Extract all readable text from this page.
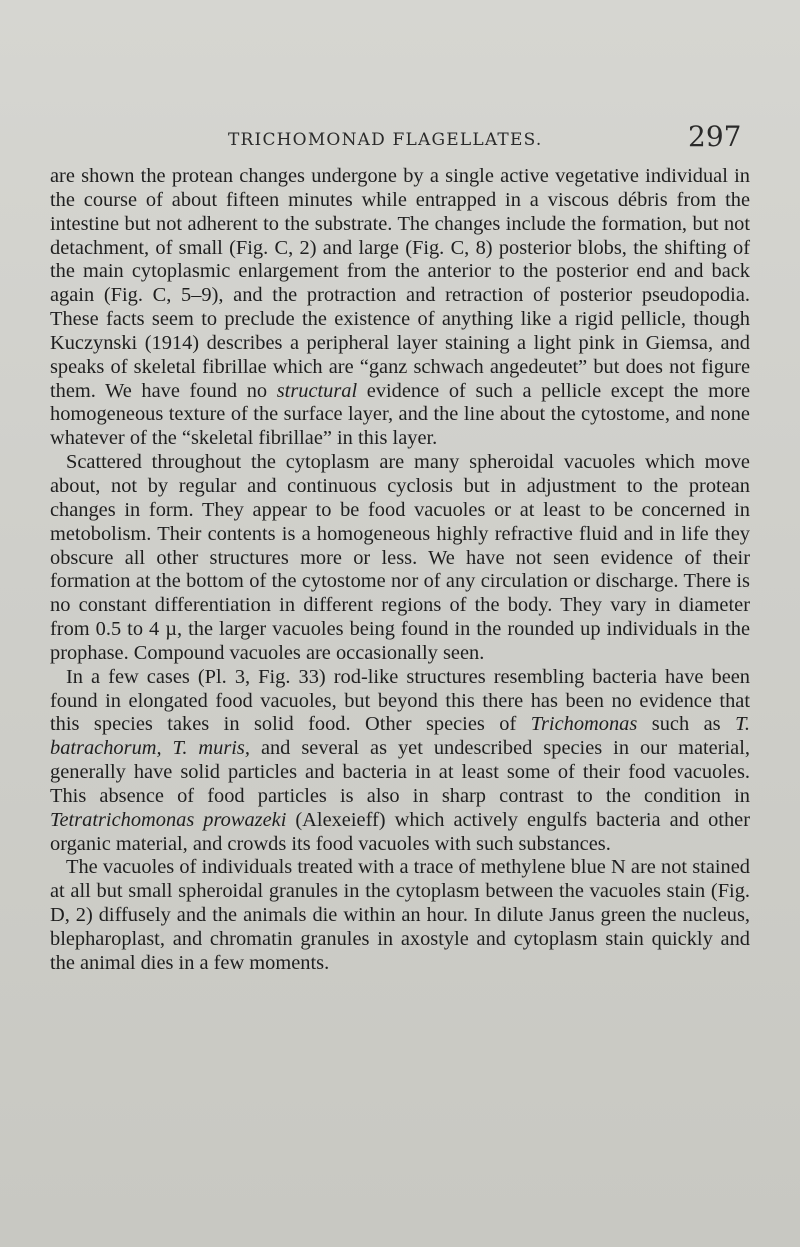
TRICHOMONAD FLAGELLATES.	297

are shown the protean changes undergone by a single active vegetative individual in the course of about fifteen minutes while entrapped in a viscous débris from the intestine but not adherent to the substrate. The changes include the formation, but not detachment, of small (Fig. C, 2) and large (Fig. C, 8) posterior blobs, the shifting of the main cytoplasmic enlargement from the anterior to the posterior end and back again (Fig. C, 5–9), and the protraction and retraction of posterior pseudopodia. These facts seem to preclude the existence of anything like a rigid pellicle, though Kuczynski (1914) describes a peripheral layer staining a light pink in Giemsa, and speaks of skeletal fibrillae which are “ganz schwach angedeutet” but does not figure them. We have found no structural evidence of such a pellicle except the more homogeneous texture of the surface layer, and the line about the cytostome, and none whatever of the “skeletal fibrillae” in this layer.

Scattered throughout the cytoplasm are many spheroidal vacuoles which move about, not by regular and continuous cyclosis but in adjustment to the protean changes in form. They appear to be food vacuoles or at least to be concerned in metobolism. Their contents is a homogeneous highly refractive fluid and in life they obscure all other structures more or less. We have not seen evidence of their formation at the bottom of the cytostome nor of any circulation or discharge. There is no constant differentiation in different regions of the body. They vary in diameter from 0.5 to 4 µ, the larger vacuoles being found in the rounded up individuals in the prophase. Compound vacuoles are occasionally seen.

In a few cases (Pl. 3, Fig. 33) rod-like structures resembling bacteria have been found in elongated food vacuoles, but beyond this there has been no evidence that this species takes in solid food. Other species of Trichomonas such as T. batrachorum, T. muris, and several as yet undescribed species in our material, generally have solid particles and bacteria in at least some of their food vacuoles. This absence of food particles is also in sharp contrast to the condition in Tetratrichomonas prowazeki (Alexeieff) which actively engulfs bacteria and other organic material, and crowds its food vacuoles with such substances.

The vacuoles of individuals treated with a trace of methylene blue N are not stained at all but small spheroidal granules in the cytoplasm between the vacuoles stain (Fig. D, 2) diffusely and the animals die within an hour. In dilute Janus green the nucleus, blepharoplast, and chromatin granules in axostyle and cytoplasm stain quickly and the animal dies in a few moments.
